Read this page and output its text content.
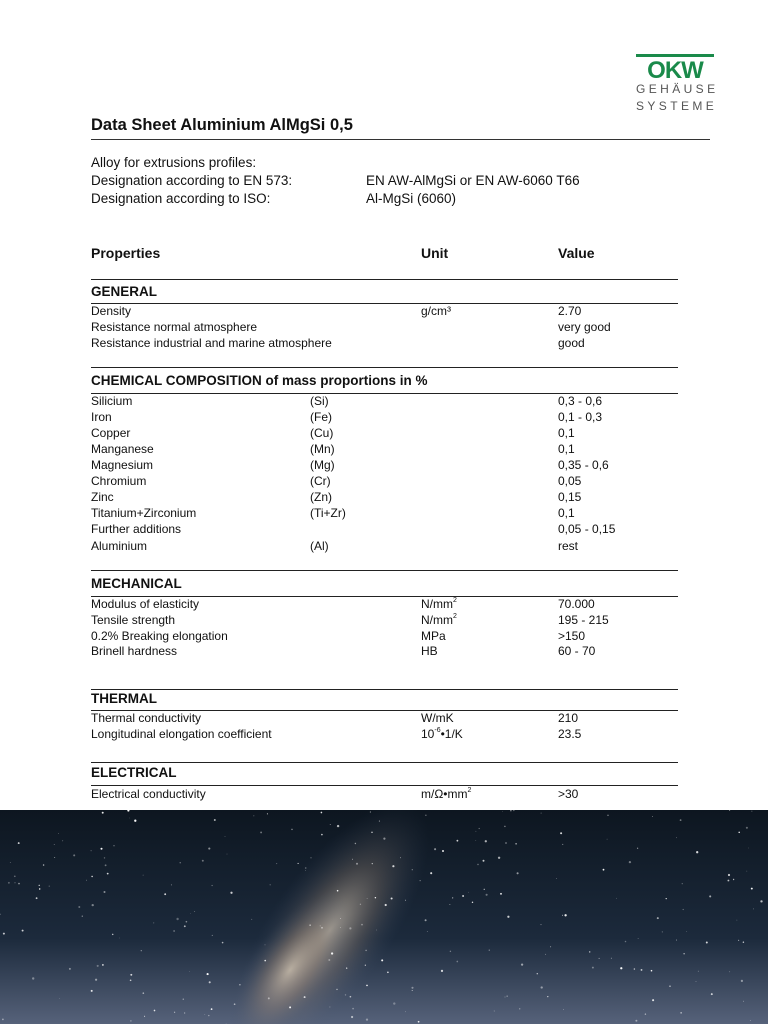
OKW
GEHÄUSE
SYSTEME
Data Sheet Aluminium AlMgSi 0,5
Alloy for extrusions profiles:
Designation according to EN 573:	EN AW-AlMgSi or EN AW-6060 T66
Designation according to ISO:	Al-MgSi (6060)
Properties	Unit	Value
GENERAL
Density	g/cm³	2.70
Resistance normal atmosphere	very good
Resistance industrial and marine atmosphere	good
CHEMICAL COMPOSITION of mass proportions in %
Silicium	(Si)	0,3 - 0,6
Iron	(Fe)	0,1 - 0,3
Copper	(Cu)	0,1
Manganese	(Mn)	0,1
Magnesium	(Mg)	0,35 - 0,6
Chromium	(Cr)	0,05
Zinc	(Zn)	0,15
Titanium+Zirconium	(Ti+Zr)	0,1
Further additions	0,05 - 0,15
Aluminium	(Al)	rest
MECHANICAL
Modulus of elasticity	$N/mm^2$	70.000
Tensile strength	$N/mm^2$	195 - 215
0.2% Breaking elongation	MPa	>150
Brinell hardness	HB	60 - 70
THERMAL
Thermal conductivity	W/mK	210
Longitudinal elongation coefficient	$10^{-6}•1/K$	23.5
ELECTRICAL
Electrical conductivity	$m/\Omega•mm^2$	>30
